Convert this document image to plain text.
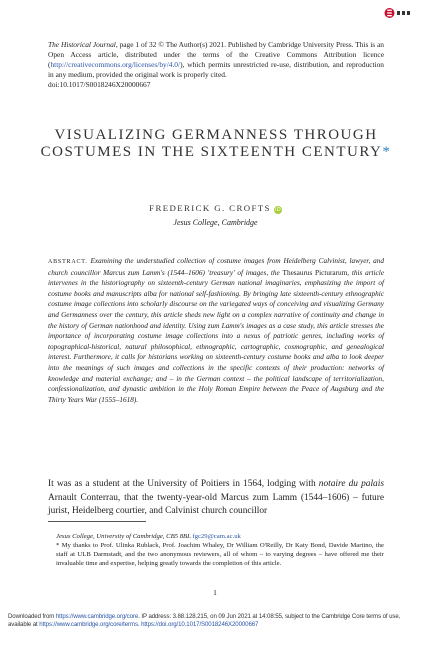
The Historical Journal, page 1 of 32 © The Author(s) 2021. Published by Cambridge University Press. This is an Open Access article, distributed under the terms of the Creative Commons Attribution licence (http://creativecommons.org/licenses/by/4.0/), which permits unrestricted re-use, distribution, and reproduction in any medium, provided the original work is properly cited.
doi:10.1017/S0018246X20000667
VISUALIZING GERMANNESS THROUGH COSTUMES IN THE SIXTEENTH CENTURY*
FREDERICK G. CROFTS iD
Jesus College, Cambridge
ABSTRACT. Examining the understudied collection of costume images from Heidelberg Calvinist, lawyer, and church councillor Marcus zum Lamm's (1544–1606) 'treasury' of images, the Thesaurus Picturarum, this article intervenes in the historiography on sixteenth-century German national imaginaries, emphasizing the import of costume books and manuscripts alba for national self-fashioning. By bringing late sixteenth-century ethnographic costume image collections into scholarly discourse on the variegated ways of conceiving and visualizing Germany and Germanness over the century, this article sheds new light on a complex narrative of continuity and change in the history of German nationhood and identity. Using zum Lamm's images as a case study, this article stresses the importance of incorporating costume image collections into a nexus of patriotic genres, including works of topographical-historical, natural philosophical, ethnographic, cartographic, cosmographic, and genealogical interest. Furthermore, it calls for historians working on sixteenth-century costume books and alba to look deeper into the meanings of such images and collections in the specific contexts of their production: networks of knowledge and material exchange; and – in the German context – the political landscape of territorialization, confessionalization, and dynastic ambition in the Holy Roman Empire between the Peace of Augsburg and the Thirty Years War (1555–1618).
It was as a student at the University of Poitiers in 1564, lodging with notaire du palais Arnault Conterrau, that the twenty-year-old Marcus zum Lamm (1544–1606) – future jurist, Heidelberg courtier, and Calvinist church councillor
Jesus College, University of Cambridge, CB5 8BL fgc29@cam.ac.uk
* My thanks to Prof. Ulinka Rublack, Prof. Joachim Whaley, Dr William O'Reilly, Dr Katy Bond, Davide Martino, the staff at ULB Darmstadt, and the two anonymous reviewers, all of whom – to varying degrees – have offered me their invaluable time and expertise, helping greatly towards the completion of this article.
1
Downloaded from https://www.cambridge.org/core. IP address: 3.88.128.215, on 09 Jun 2021 at 14:08:55, subject to the Cambridge Core terms of use, available at https://www.cambridge.org/core/terms. https://doi.org/10.1017/S0018246X20000667
